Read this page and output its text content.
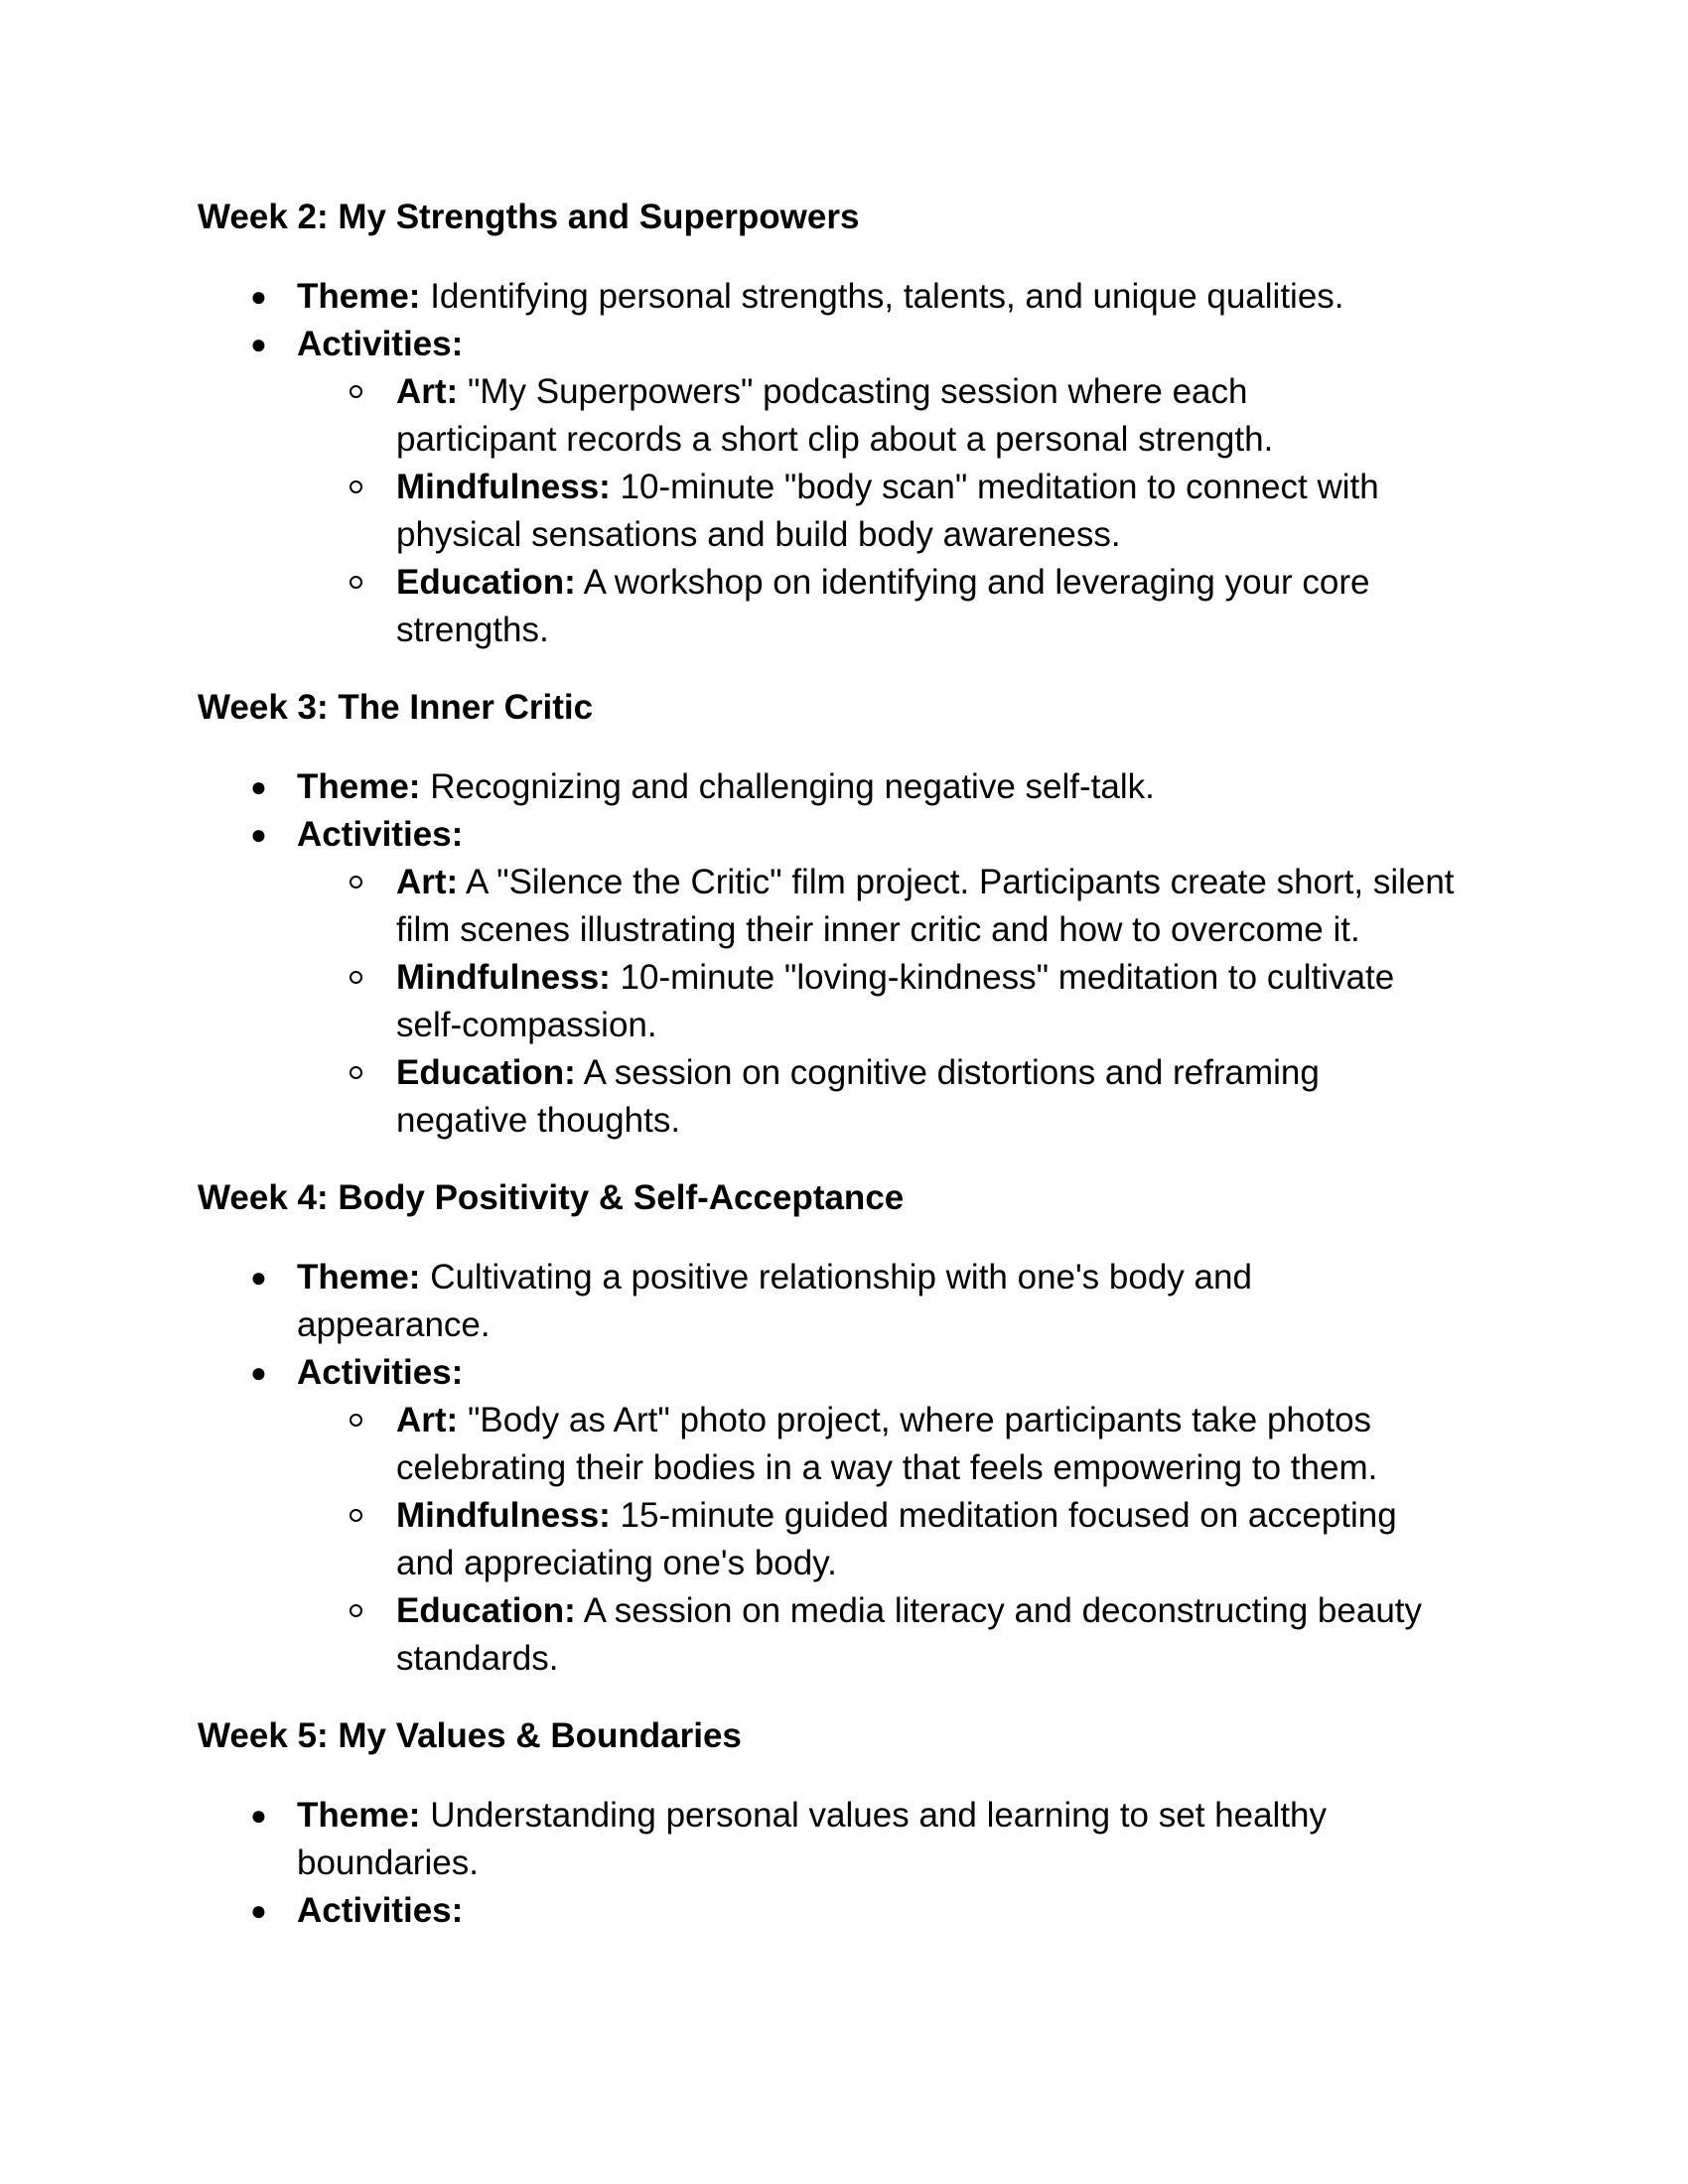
Week 2: My Strengths and Superpowers
● Theme: Identifying personal strengths, talents, and unique qualities.
● Activities:
Art: "My Superpowers" podcasting session where each participant records a short clip about a personal strength.
Mindfulness: 10-minute "body scan" meditation to connect with physical sensations and build body awareness.
Education: A workshop on identifying and leveraging your core strengths.
Week 3: The Inner Critic
● Theme: Recognizing and challenging negative self-talk.
● Activities:
Art: A "Silence the Critic" film project. Participants create short, silent film scenes illustrating their inner critic and how to overcome it.
Mindfulness: 10-minute "loving-kindness" meditation to cultivate self-compassion.
Education: A session on cognitive distortions and reframing negative thoughts.
Week 4: Body Positivity & Self-Acceptance
● Theme: Cultivating a positive relationship with one's body and appearance.
● Activities:
Art: "Body as Art" photo project, where participants take photos celebrating their bodies in a way that feels empowering to them.
Mindfulness: 15-minute guided meditation focused on accepting and appreciating one's body.
Education: A session on media literacy and deconstructing beauty standards.
Week 5: My Values & Boundaries
● Theme: Understanding personal values and learning to set healthy boundaries.
● Activities:
